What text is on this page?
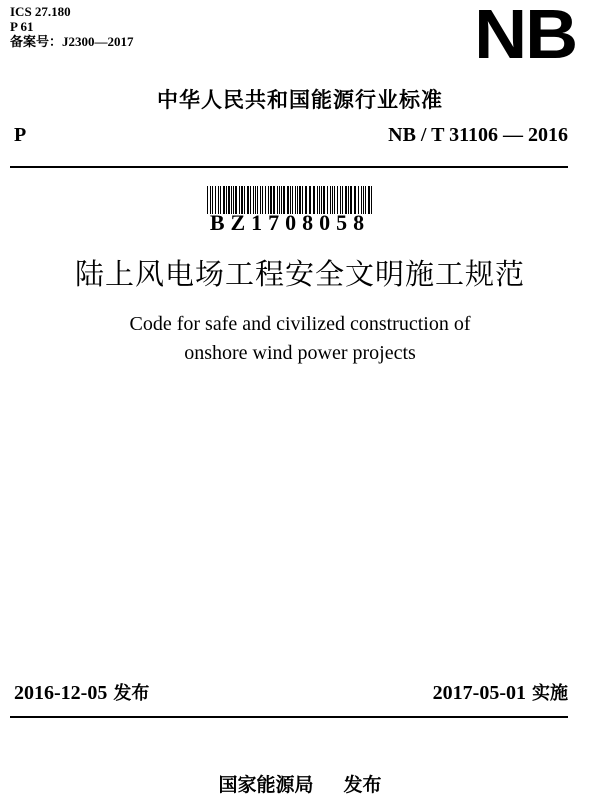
ICS 27.180
P 61
备案号：J2300—2017	NB
中华人民共和国能源行业标准
P	NB / T 31106 — 2016
BZ1708058
陆上风电场工程安全文明施工规范
Code for safe and civilized construction of
onshore wind power projects
2016-12-05 发布	2017-05-01 实施
国家能源局 发布
